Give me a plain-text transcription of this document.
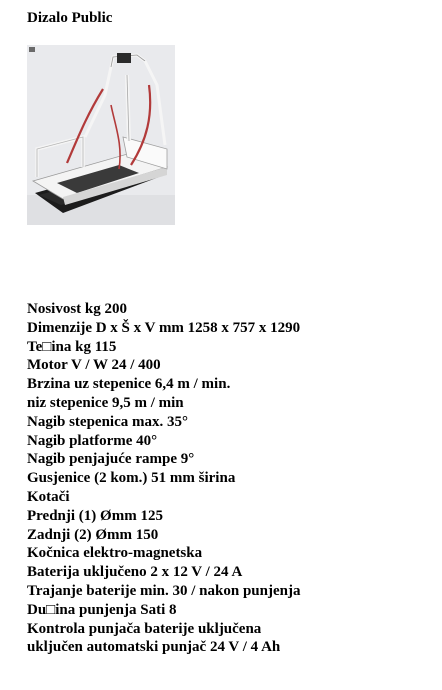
Dizalo Public
Nosivost kg 200
Dimenzije D x Š x V mm 1258 x 757 x 1290
Te□ina kg 115
Motor V / W 24 / 400
Brzina uz stepenice 6,4 m / min.
niz stepenice 9,5 m / min
Nagib stepenica max. 35°
Nagib platforme 40°
Nagib penjajuće rampe 9°
Gusjenice (2 kom.) 51 mm širina
Kotači
Prednji (1) Ømm 125
Zadnji (2) Ømm 150
Kočnica elektro-magnetska
Baterija uključeno 2 x 12 V / 24 A
Trajanje baterije min. 30 / nakon punjenja
Du□ina punjenja Sati 8
Kontrola punjača baterije uključena
uključen automatski punjač 24 V / 4 Ah
